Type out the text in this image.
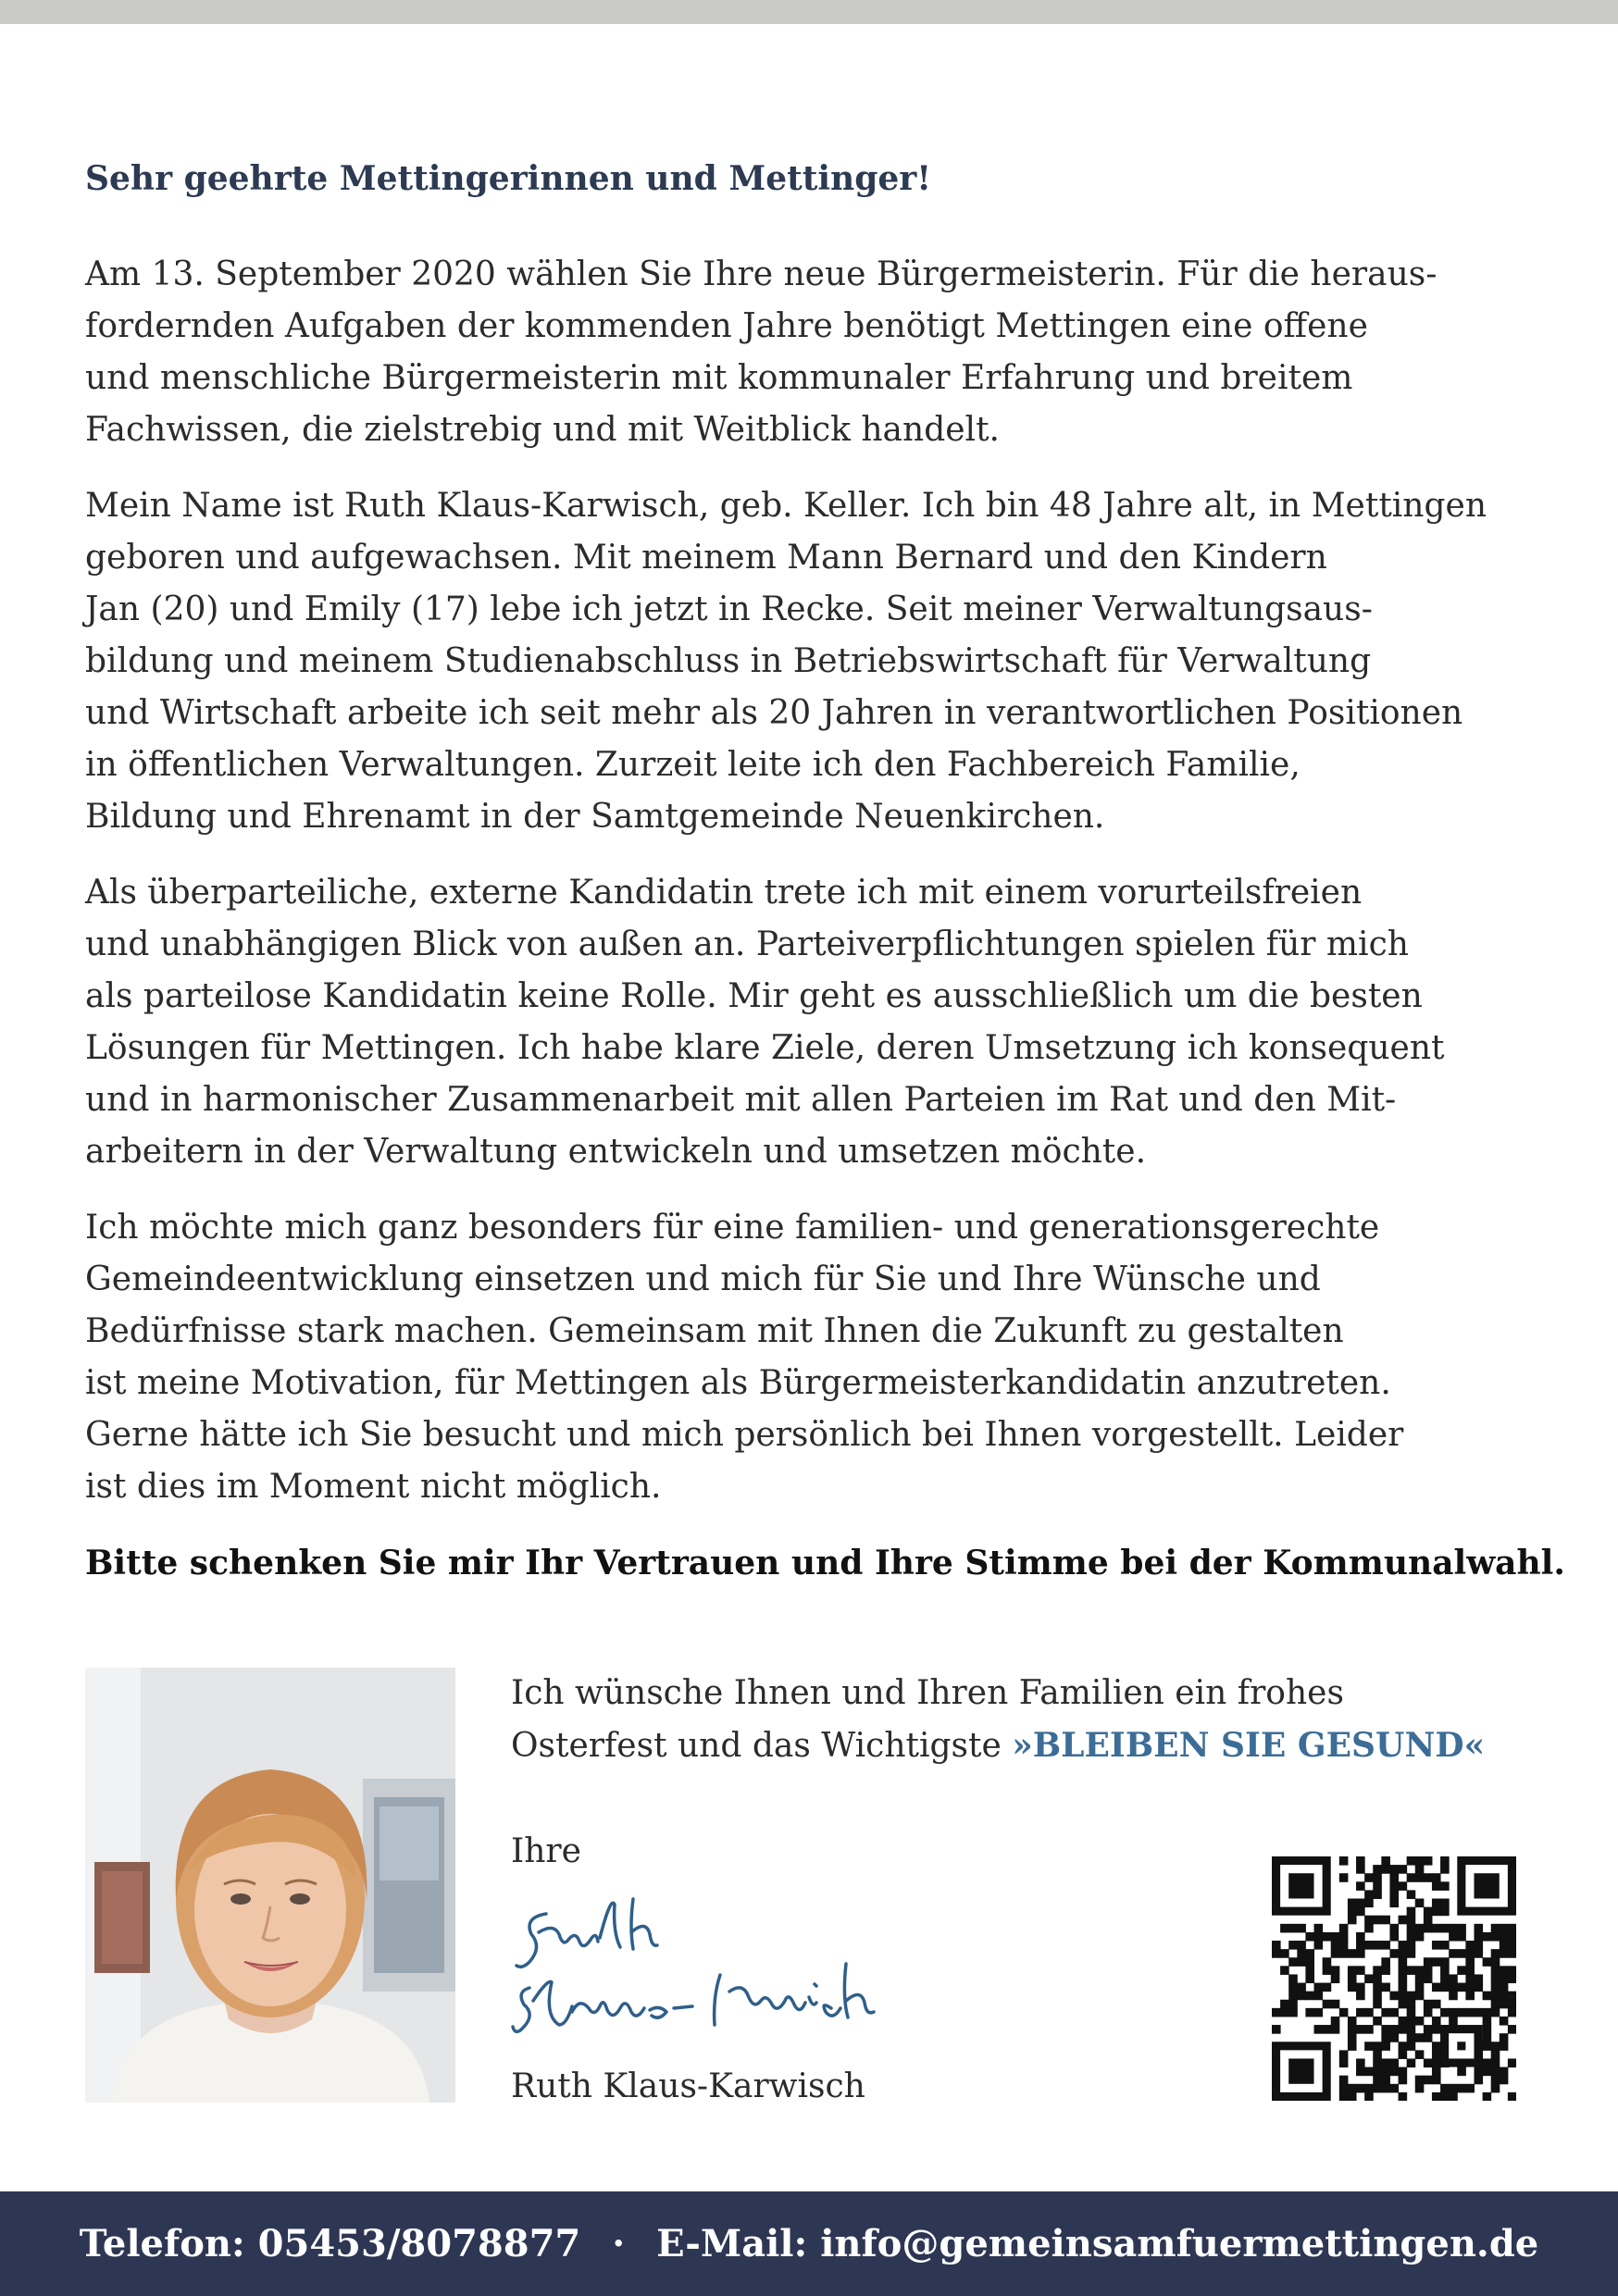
Sehr geehrte Mettingerinnen und Mettinger!

Am 13. September 2020 wählen Sie Ihre neue Bürgermeisterin. Für die heraus-
fordernden Aufgaben der kommenden Jahre benötigt Mettingen eine offene
und menschliche Bürgermeisterin mit kommunaler Erfahrung und breitem
Fachwissen, die zielstrebig und mit Weitblick handelt.

Mein Name ist Ruth Klaus-Karwisch, geb. Keller. Ich bin 48 Jahre alt, in Mettingen
geboren und aufgewachsen. Mit meinem Mann Bernard und den Kindern
Jan (20) und Emily (17) lebe ich jetzt in Recke. Seit meiner Verwaltungsaus-
bildung und meinem Studienabschluss in Betriebswirtschaft für Verwaltung
und Wirtschaft arbeite ich seit mehr als 20 Jahren in verantwortlichen Positionen
in öffentlichen Verwaltungen. Zurzeit leite ich den Fachbereich Familie,
Bildung und Ehrenamt in der Samtgemeinde Neuenkirchen.

Als überparteiliche, externe Kandidatin trete ich mit einem vorurteilsfreien
und unabhängigen Blick von außen an. Parteiverpflichtungen spielen für mich
als parteilose Kandidatin keine Rolle. Mir geht es ausschließlich um die besten
Lösungen für Mettingen. Ich habe klare Ziele, deren Umsetzung ich konsequent
und in harmonischer Zusammenarbeit mit allen Parteien im Rat und den Mit-
arbeitern in der Verwaltung entwickeln und umsetzen möchte.

Ich möchte mich ganz besonders für eine familien- und generationsgerechte
Gemeindeentwicklung einsetzen und mich für Sie und Ihre Wünsche und
Bedürfnisse stark machen. Gemeinsam mit Ihnen die Zukunft zu gestalten
ist meine Motivation, für Mettingen als Bürgermeisterkandidatin anzutreten.
Gerne hätte ich Sie besucht und mich persönlich bei Ihnen vorgestellt. Leider
ist dies im Moment nicht möglich.

Bitte schenken Sie mir Ihr Vertrauen und Ihre Stimme bei der Kommunalwahl.

Ich wünsche Ihnen und Ihren Familien ein frohes
Osterfest und das Wichtigste »BLEIBEN SIE GESUND«
Ihre
Ruth Klaus-Karwisch
Telefon: 05453/8078877 · E-Mail: info@gemeinsamfuermettingen.de
